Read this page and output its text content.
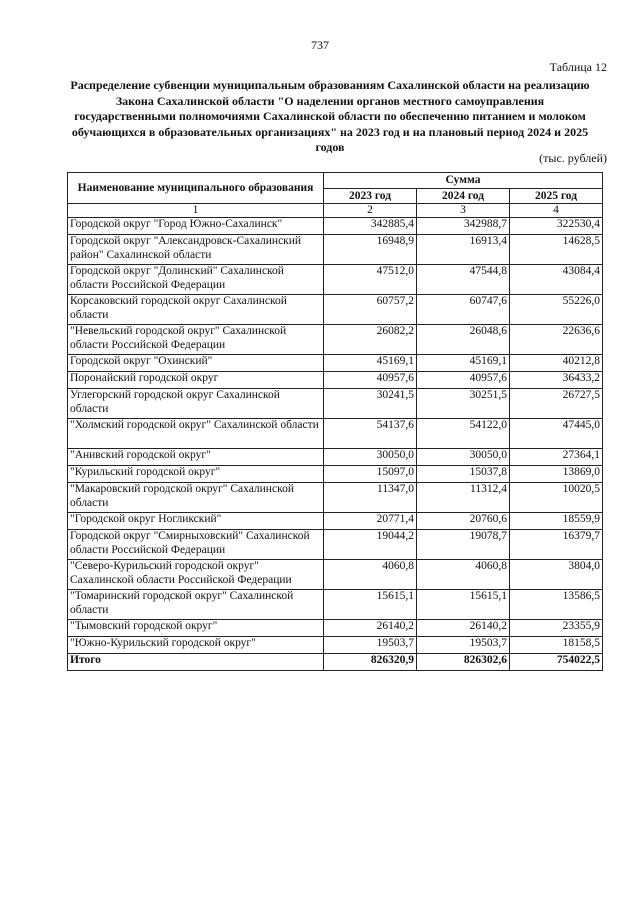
737
Таблица 12
Распределение субвенции муниципальным образованиям Сахалинской области на реализацию Закона Сахалинской области "О наделении органов местного самоуправления государственными полномочиями Сахалинской области по обеспечению питанием и молоком обучающихся в образовательных организациях" на 2023 год и на плановый период 2024 и 2025 годов
(тыс. рублей)
Наименование муниципального образования	Сумма		
	2023 год	2024 год	2025 год
1	2	3	4
Городской округ "Город Южно-Сахалинск"	342885,4	342988,7	322530,4
Городской округ "Александровск-Сахалинский район" Сахалинской области	16948,9	16913,4	14628,5
Городской округ "Долинский" Сахалинской области Российской Федерации	47512,0	47544,8	43084,4
Корсаковский городской округ Сахалинской области	60757,2	60747,6	55226,0
"Невельский городской округ" Сахалинской области Российской Федерации	26082,2	26048,6	22636,6
Городской округ "Охинский"	45169,1	45169,1	40212,8
Поронайский городской округ	40957,6	40957,6	36433,2
Углегорский городской округ Сахалинской области	30241,5	30251,5	26727,5
"Холмский городской округ" Сахалинской области	54137,6	54122,0	47445,0
"Анивский городской округ"	30050,0	30050,0	27364,1
"Курильский городской округ"	15097,0	15037,8	13869,0
"Макаровский городской округ" Сахалинской области	11347,0	11312,4	10020,5
"Городской округ Ногликский"	20771,4	20760,6	18559,9
Городской округ "Смирныховский" Сахалинской области Российской Федерации	19044,2	19078,7	16379,7
"Северо-Курильский городской округ" Сахалинской области Российской Федерации	4060,8	4060,8	3804,0
"Томаринский городской округ" Сахалинской области	15615,1	15615,1	13586,5
"Тымовский городской округ"	26140,2	26140,2	23355,9
"Южно-Курильский городской округ"	19503,7	19503,7	18158,5
Итого	826320,9	826302,6	754022,5
